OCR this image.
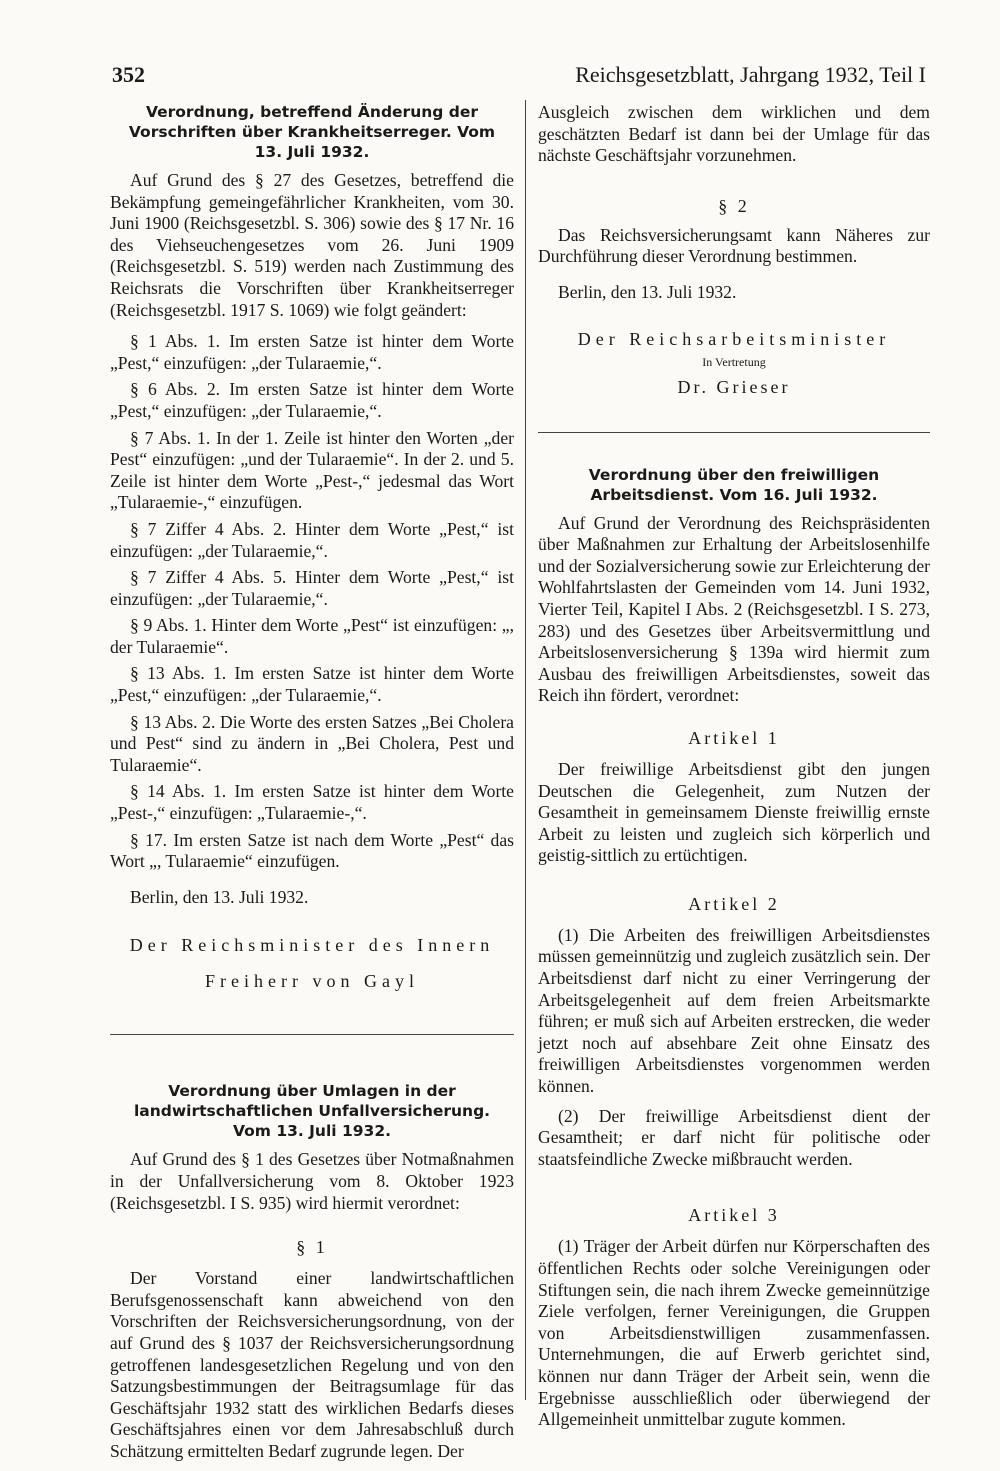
352	Reichsgesetzblatt, Jahrgang 1932, Teil I
Verordnung, betreffend Änderung der Vorschriften über Krankheitserreger. Vom 13. Juli 1932.

Auf Grund des § 27 des Gesetzes, betreffend die Bekämpfung gemeingefährlicher Krankheiten, vom 30. Juni 1900 (Reichsgesetzbl. S. 306) sowie des § 17 Nr. 16 des Viehseuchengesetzes vom 26. Juni 1909 (Reichsgesetzbl. S. 519) werden nach Zustimmung des Reichsrats die Vorschriften über Krankheitserreger (Reichsgesetzbl. 1917 S. 1069) wie folgt geändert:

§ 1 Abs. 1. Im ersten Satze ist hinter dem Worte „Pest,“ einzufügen: „der Tularaemie,“.

§ 6 Abs. 2. Im ersten Satze ist hinter dem Worte „Pest,“ einzufügen: „der Tularaemie,“.

§ 7 Abs. 1. In der 1. Zeile ist hinter den Worten „der Pest“ einzufügen: „und der Tularaemie“. In der 2. und 5. Zeile ist hinter dem Worte „Pest-,“ jedesmal das Wort „Tularaemie-,“ einzufügen.

§ 7 Ziffer 4 Abs. 2. Hinter dem Worte „Pest,“ ist einzufügen: „der Tularaemie,“.

§ 7 Ziffer 4 Abs. 5. Hinter dem Worte „Pest,“ ist einzufügen: „der Tularaemie,“.

§ 9 Abs. 1. Hinter dem Worte „Pest“ ist einzufügen: „, der Tularaemie“.

§ 13 Abs. 1. Im ersten Satze ist hinter dem Worte „Pest,“ einzufügen: „der Tularaemie,“.

§ 13 Abs. 2. Die Worte des ersten Satzes „Bei Cholera und Pest“ sind zu ändern in „Bei Cholera, Pest und Tularaemie“.

§ 14 Abs. 1. Im ersten Satze ist hinter dem Worte „Pest-,“ einzufügen: „Tularaemie-,“.

§ 17. Im ersten Satze ist nach dem Worte „Pest“ das Wort „, Tularaemie“ einzufügen.

Berlin, den 13. Juli 1932.

Der Reichsminister des Innern
Freiherr von Gayl
Verordnung über Umlagen in der landwirtschaftlichen Unfallversicherung. Vom 13. Juli 1932.

Auf Grund des § 1 des Gesetzes über Notmaßnahmen in der Unfallversicherung vom 8. Oktober 1923 (Reichsgesetzbl. I S. 935) wird hiermit verordnet:

§ 1

Der Vorstand einer landwirtschaftlichen Berufsgenossenschaft kann abweichend von den Vorschriften der Reichsversicherungsordnung, von der auf Grund des § 1037 der Reichsversicherungsordnung getroffenen landesgesetzlichen Regelung und von den Satzungsbestimmungen der Beitragsumlage für das Geschäftsjahr 1932 statt des wirklichen Bedarfs dieses Geschäftsjahres einen vor dem Jahresabschluß durch Schätzung ermittelten Bedarf zugrunde legen. Der

Ausgleich zwischen dem wirklichen und dem geschätzten Bedarf ist dann bei der Umlage für das nächste Geschäftsjahr vorzunehmen.

§ 2

Das Reichsversicherungsamt kann Näheres zur Durchführung dieser Verordnung bestimmen.

Berlin, den 13. Juli 1932.

Der Reichsarbeitsminister
In Vertretung
Dr. Grieser
Verordnung über den freiwilligen Arbeitsdienst. Vom 16. Juli 1932.

Auf Grund der Verordnung des Reichspräsidenten über Maßnahmen zur Erhaltung der Arbeitslosenhilfe und der Sozialversicherung sowie zur Erleichterung der Wohlfahrtslasten der Gemeinden vom 14. Juni 1932, Vierter Teil, Kapitel I Abs. 2 (Reichsgesetzbl. I S. 273, 283) und des Gesetzes über Arbeitsvermittlung und Arbeitslosenversicherung § 139a wird hiermit zum Ausbau des freiwilligen Arbeitsdienstes, soweit das Reich ihn fördert, verordnet:

Artikel 1

Der freiwillige Arbeitsdienst gibt den jungen Deutschen die Gelegenheit, zum Nutzen der Gesamtheit in gemeinsamem Dienste freiwillig ernste Arbeit zu leisten und zugleich sich körperlich und geistig-sittlich zu ertüchtigen.

Artikel 2

(1) Die Arbeiten des freiwilligen Arbeitsdienstes müssen gemeinnützig und zugleich zusätzlich sein. Der Arbeitsdienst darf nicht zu einer Verringerung der Arbeitsgelegenheit auf dem freien Arbeitsmarkte führen; er muß sich auf Arbeiten erstrecken, die weder jetzt noch auf absehbare Zeit ohne Einsatz des freiwilligen Arbeitsdienstes vorgenommen werden können.

(2) Der freiwillige Arbeitsdienst dient der Gesamtheit; er darf nicht für politische oder staatsfeindliche Zwecke mißbraucht werden.

Artikel 3

(1) Träger der Arbeit dürfen nur Körperschaften des öffentlichen Rechts oder solche Vereinigungen oder Stiftungen sein, die nach ihrem Zwecke gemeinnützige Ziele verfolgen, ferner Vereinigungen, die Gruppen von Arbeitsdienstwilligen zusammenfassen. Unternehmungen, die auf Erwerb gerichtet sind, können nur dann Träger der Arbeit sein, wenn die Ergebnisse ausschließlich oder überwiegend der Allgemeinheit unmittelbar zugute kommen.
